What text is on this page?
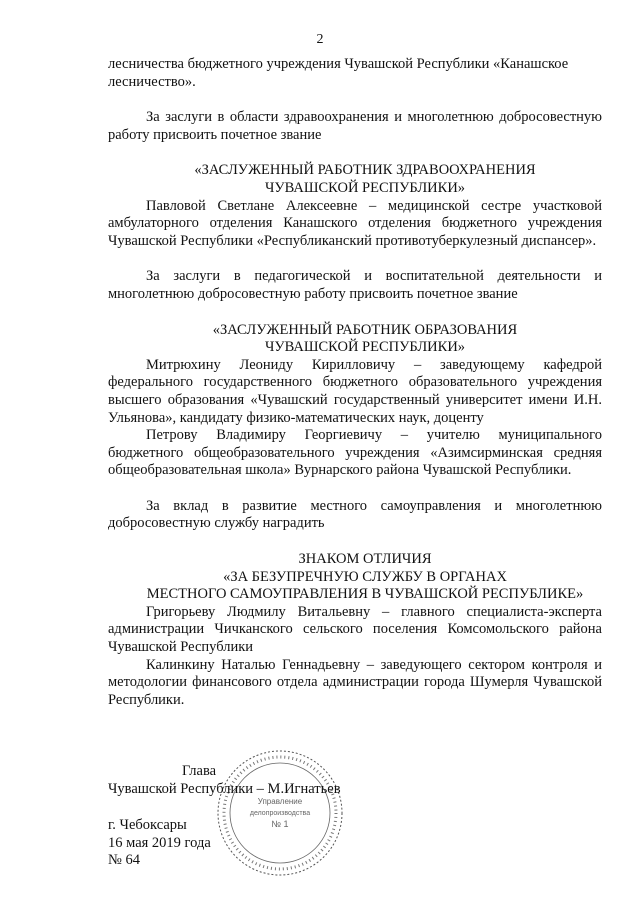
2

лесничества бюджетного учреждения Чувашской Республики «Канашское
лесничество».

За заслуги в области здравоохранения и многолетнюю добросовестную работу присвоить почетное звание

«ЗАСЛУЖЕННЫЙ РАБОТНИК ЗДРАВООХРАНЕНИЯ
ЧУВАШСКОЙ РЕСПУБЛИКИ»

Павловой Светлане Алексеевне – медицинской сестре участковой амбулаторного отделения Канашского отделения бюджетного учреждения Чувашской Республики «Республиканский противотуберкулезный диспансер».

За заслуги в педагогической и воспитательной деятельности и многолетнюю добросовестную работу присвоить почетное звание

«ЗАСЛУЖЕННЫЙ РАБОТНИК ОБРАЗОВАНИЯ
ЧУВАШСКОЙ РЕСПУБЛИКИ»

Митрюхину Леониду Кирилловичу – заведующему кафедрой федерального государственного бюджетного образовательного учреждения высшего образования «Чувашский государственный университет имени И.Н. Ульянова», кандидату физико-математических наук, доценту

Петрову Владимиру Георгиевичу – учителю муниципального бюджетного общеобразовательного учреждения «Азимсирминская средняя общеобразовательная школа» Вурнарского района Чувашской Республики.

За вклад в развитие местного самоуправления и многолетнюю добросовестную службу наградить

ЗНАКОМ ОТЛИЧИЯ
«ЗА БЕЗУПРЕЧНУЮ СЛУЖБУ В ОРГАНАХ
МЕСТНОГО САМОУПРАВЛЕНИЯ В ЧУВАШСКОЙ РЕСПУБЛИКЕ»

Григорьеву Людмилу Витальевну – главного специалиста-эксперта администрации Чичканского сельского поселения Комсомольского района Чувашской Республики

Калинкину Наталью Геннадьевну – заведующего сектором контроля и методологии финансового отдела администрации города Шумерля Чувашской Республики.

Управление
делопроизводства
№ 1
Глава
Чувашской Республики – М.Игнатьев
г. Чебоксары
16 мая 2019 года
№ 64
